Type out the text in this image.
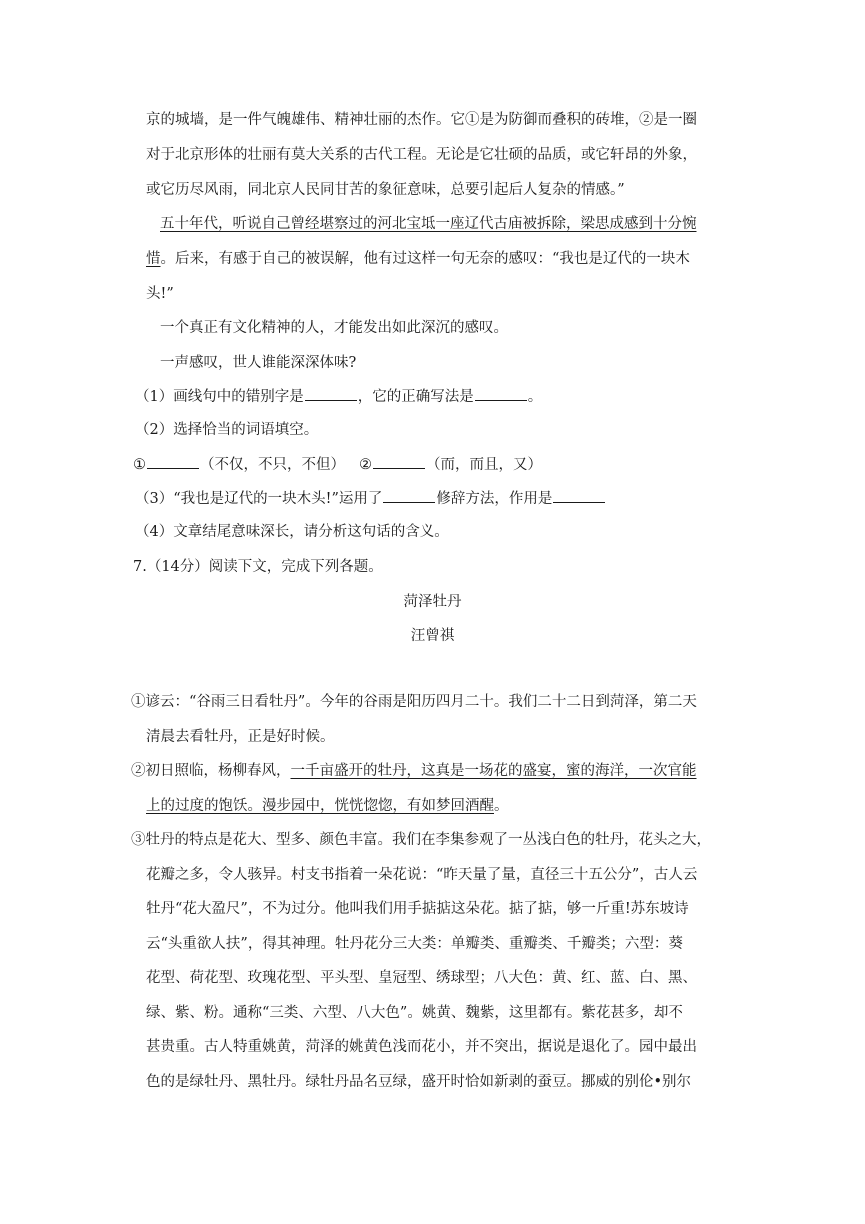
京的城墙，是一件气魄雄伟、精神壮丽的杰作。它①是为防御而叠积的砖堆，②是一圈
对于北京形体的壮丽有莫大关系的古代工程。无论是它壮硕的品质，或它轩昂的外象，
或它历尽风雨，同北京人民同甘苦的象征意味，总要引起后人复杂的情感。”
五十年代，听说自己曾经堪察过的河北宝坻一座辽代古庙被拆除，梁思成感到十分惋
惜。后来，有感于自己的被误解，他有过这样一句无奈的感叹：“我也是辽代的一块木
头!”
一个真正有文化精神的人，才能发出如此深沉的感叹。
一声感叹，世人谁能深深体味?
（1）画线句中的错别字是	，它的正确写法是	。
（2）选择恰当的词语填空。
①	（不仅，不只，不但） ②	（而，而且，又）
（3）“我也是辽代的一块木头!”运用了	修辞方法，作用是
（4）文章结尾意味深长，请分析这句话的含义。
7.（14分）阅读下文，完成下列各题。
菏泽牡丹
汪曾祺
①谚云：“谷雨三日看牡丹”。今年的谷雨是阳历四月二十。我们二十二日到菏泽，第二天
清晨去看牡丹，正是好时候。
②初日照临，杨柳春风，一千亩盛开的牡丹，这真是一场花的盛宴，蜜的海洋，一次官能
上的过度的饱饫。漫步园中，恍恍惚惚，有如梦回酒醒。
③牡丹的特点是花大、型多、颜色丰富。我们在李集参观了一丛浅白色的牡丹，花头之大，
花瓣之多，令人骇异。村支书指着一朵花说：“昨天量了量，直径三十五公分”，古人云
牡丹“花大盈尺”，不为过分。他叫我们用手掂掂这朵花。掂了掂，够一斤重!苏东坡诗
云“头重欲人扶”，得其神理。牡丹花分三大类：单瓣类、重瓣类、千瓣类；六型：葵
花型、荷花型、玫瑰花型、平头型、皇冠型、绣球型；八大色：黄、红、蓝、白、黑、
绿、紫、粉。通称“三类、六型、八大色”。姚黄、魏紫，这里都有。紫花甚多，却不
甚贵重。古人特重姚黄，菏泽的姚黄色浅而花小，并不突出，据说是退化了。园中最出
色的是绿牡丹、黑牡丹。绿牡丹品名豆绿，盛开时恰如新剥的蚕豆。挪威的别伦•别尔
